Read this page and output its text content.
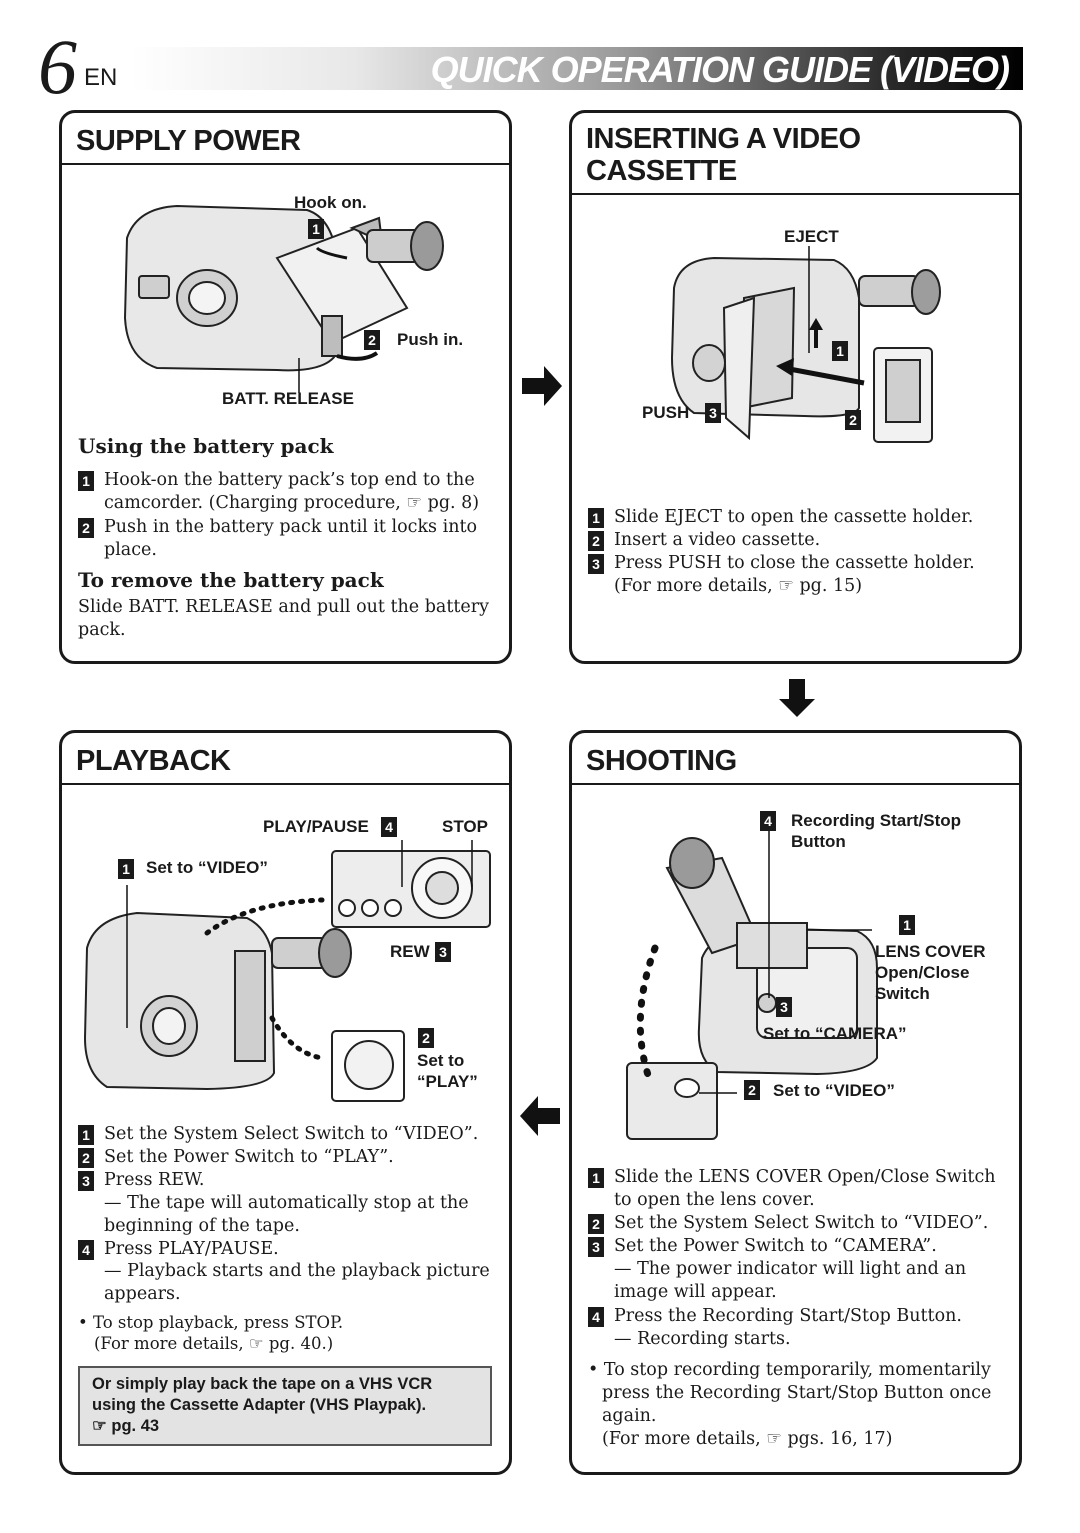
6 EN	QUICK OPERATION GUIDE (VIDEO)
SUPPLY POWER
Hook on.
1
2 Push in.
BATT. RELEASE
Using the battery pack
1 Hook-on the battery pack’s top end to the camcorder. (Charging procedure, ☞ pg. 8)
2 Push in the battery pack until it locks into place.
To remove the battery pack
Slide BATT. RELEASE and pull out the battery pack.
INSERTING A VIDEO
CASSETTE
EJECT
1
PUSH 3	2
1 Slide EJECT to open the cassette holder.
2 Insert a video cassette.
3 Press PUSH to close the cassette holder. (For more details, ☞ pg. 15)
PLAYBACK
PLAY/PAUSE 4	STOP
1 Set to “VIDEO”
REW 3
2
Set to
“PLAY”
1 Set the System Select Switch to “VIDEO”.
2 Set the Power Switch to “PLAY”.
3 Press REW.
— The tape will automatically stop at the beginning of the tape.
4 Press PLAY/PAUSE.
— Playback starts and the playback picture appears.
• To stop playback, press STOP.
(For more details, ☞ pg. 40.)
Or simply play back the tape on a VHS VCR
using the Cassette Adapter (VHS Playpak).
☞ pg. 43
SHOOTING
4 Recording Start/Stop
Button
1
LENS COVER
Open/Close
Switch
3
Set to “CAMERA”
2 Set to “VIDEO”
1 Slide the LENS COVER Open/Close Switch to open the lens cover.
2 Set the System Select Switch to “VIDEO”.
3 Set the Power Switch to “CAMERA”.
— The power indicator will light and an image will appear.
4 Press the Recording Start/Stop Button.
— Recording starts.
• To stop recording temporarily, momentarily press the Recording Start/Stop Button once again.
(For more details, ☞ pgs. 16, 17)
